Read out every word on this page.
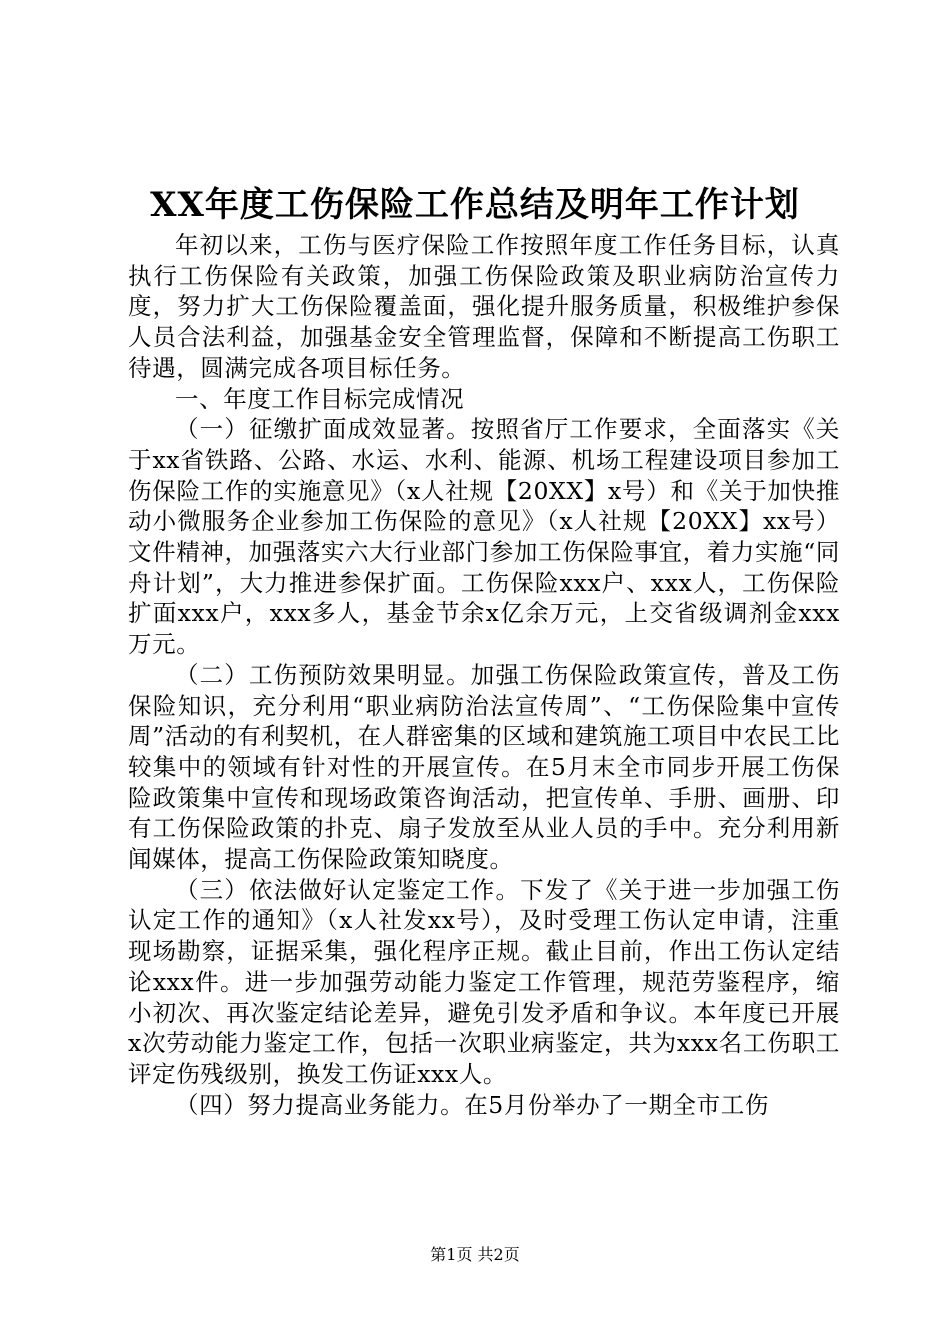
XX年度工伤保险工作总结及明年工作计划

年初以来，工伤与医疗保险工作按照年度工作任务目标，认真执行工伤保险有关政策，加强工伤保险政策及职业病防治宣传力度，努力扩大工伤保险覆盖面，强化提升服务质量，积极维护参保人员合法利益，加强基金安全管理监督，保障和不断提高工伤职工待遇，圆满完成各项目标任务。

一、年度工作目标完成情况

（一）征缴扩面成效显著。按照省厅工作要求，全面落实《关于xx省铁路、公路、水运、水利、能源、机场工程建设项目参加工伤保险工作的实施意见》（x人社规【20XX】x号）和《关于加快推动小微服务企业参加工伤保险的意见》（x人社规【20XX】xx号）文件精神，加强落实六大行业部门参加工伤保险事宜，着力实施“同舟计划”，大力推进参保扩面。工伤保险xxx户、xxx人，工伤保险扩面xxx户，xxx多人，基金节余x亿余万元，上交省级调剂金xxx万元。

（二）工伤预防效果明显。加强工伤保险政策宣传，普及工伤保险知识，充分利用“职业病防治法宣传周”、“工伤保险集中宣传周”活动的有利契机，在人群密集的区域和建筑施工项目中农民工比较集中的领域有针对性的开展宣传。在5月末全市同步开展工伤保险政策集中宣传和现场政策咨询活动，把宣传单、手册、画册、印有工伤保险政策的扑克、扇子发放至从业人员的手中。充分利用新闻媒体，提高工伤保险政策知晓度。

（三）依法做好认定鉴定工作。下发了《关于进一步加强工伤认定工作的通知》（x人社发xx号），及时受理工伤认定申请，注重现场勘察，证据采集，强化程序正规。截止目前，作出工伤认定结论xxx件。进一步加强劳动能力鉴定工作管理，规范劳鉴程序，缩小初次、再次鉴定结论差异，避免引发矛盾和争议。本年度已开展x次劳动能力鉴定工作，包括一次职业病鉴定，共为xxx名工伤职工评定伤残级别，换发工伤证xxx人。

（四）努力提高业务能力。在5月份举办了一期全市工伤

第1页 共2页
